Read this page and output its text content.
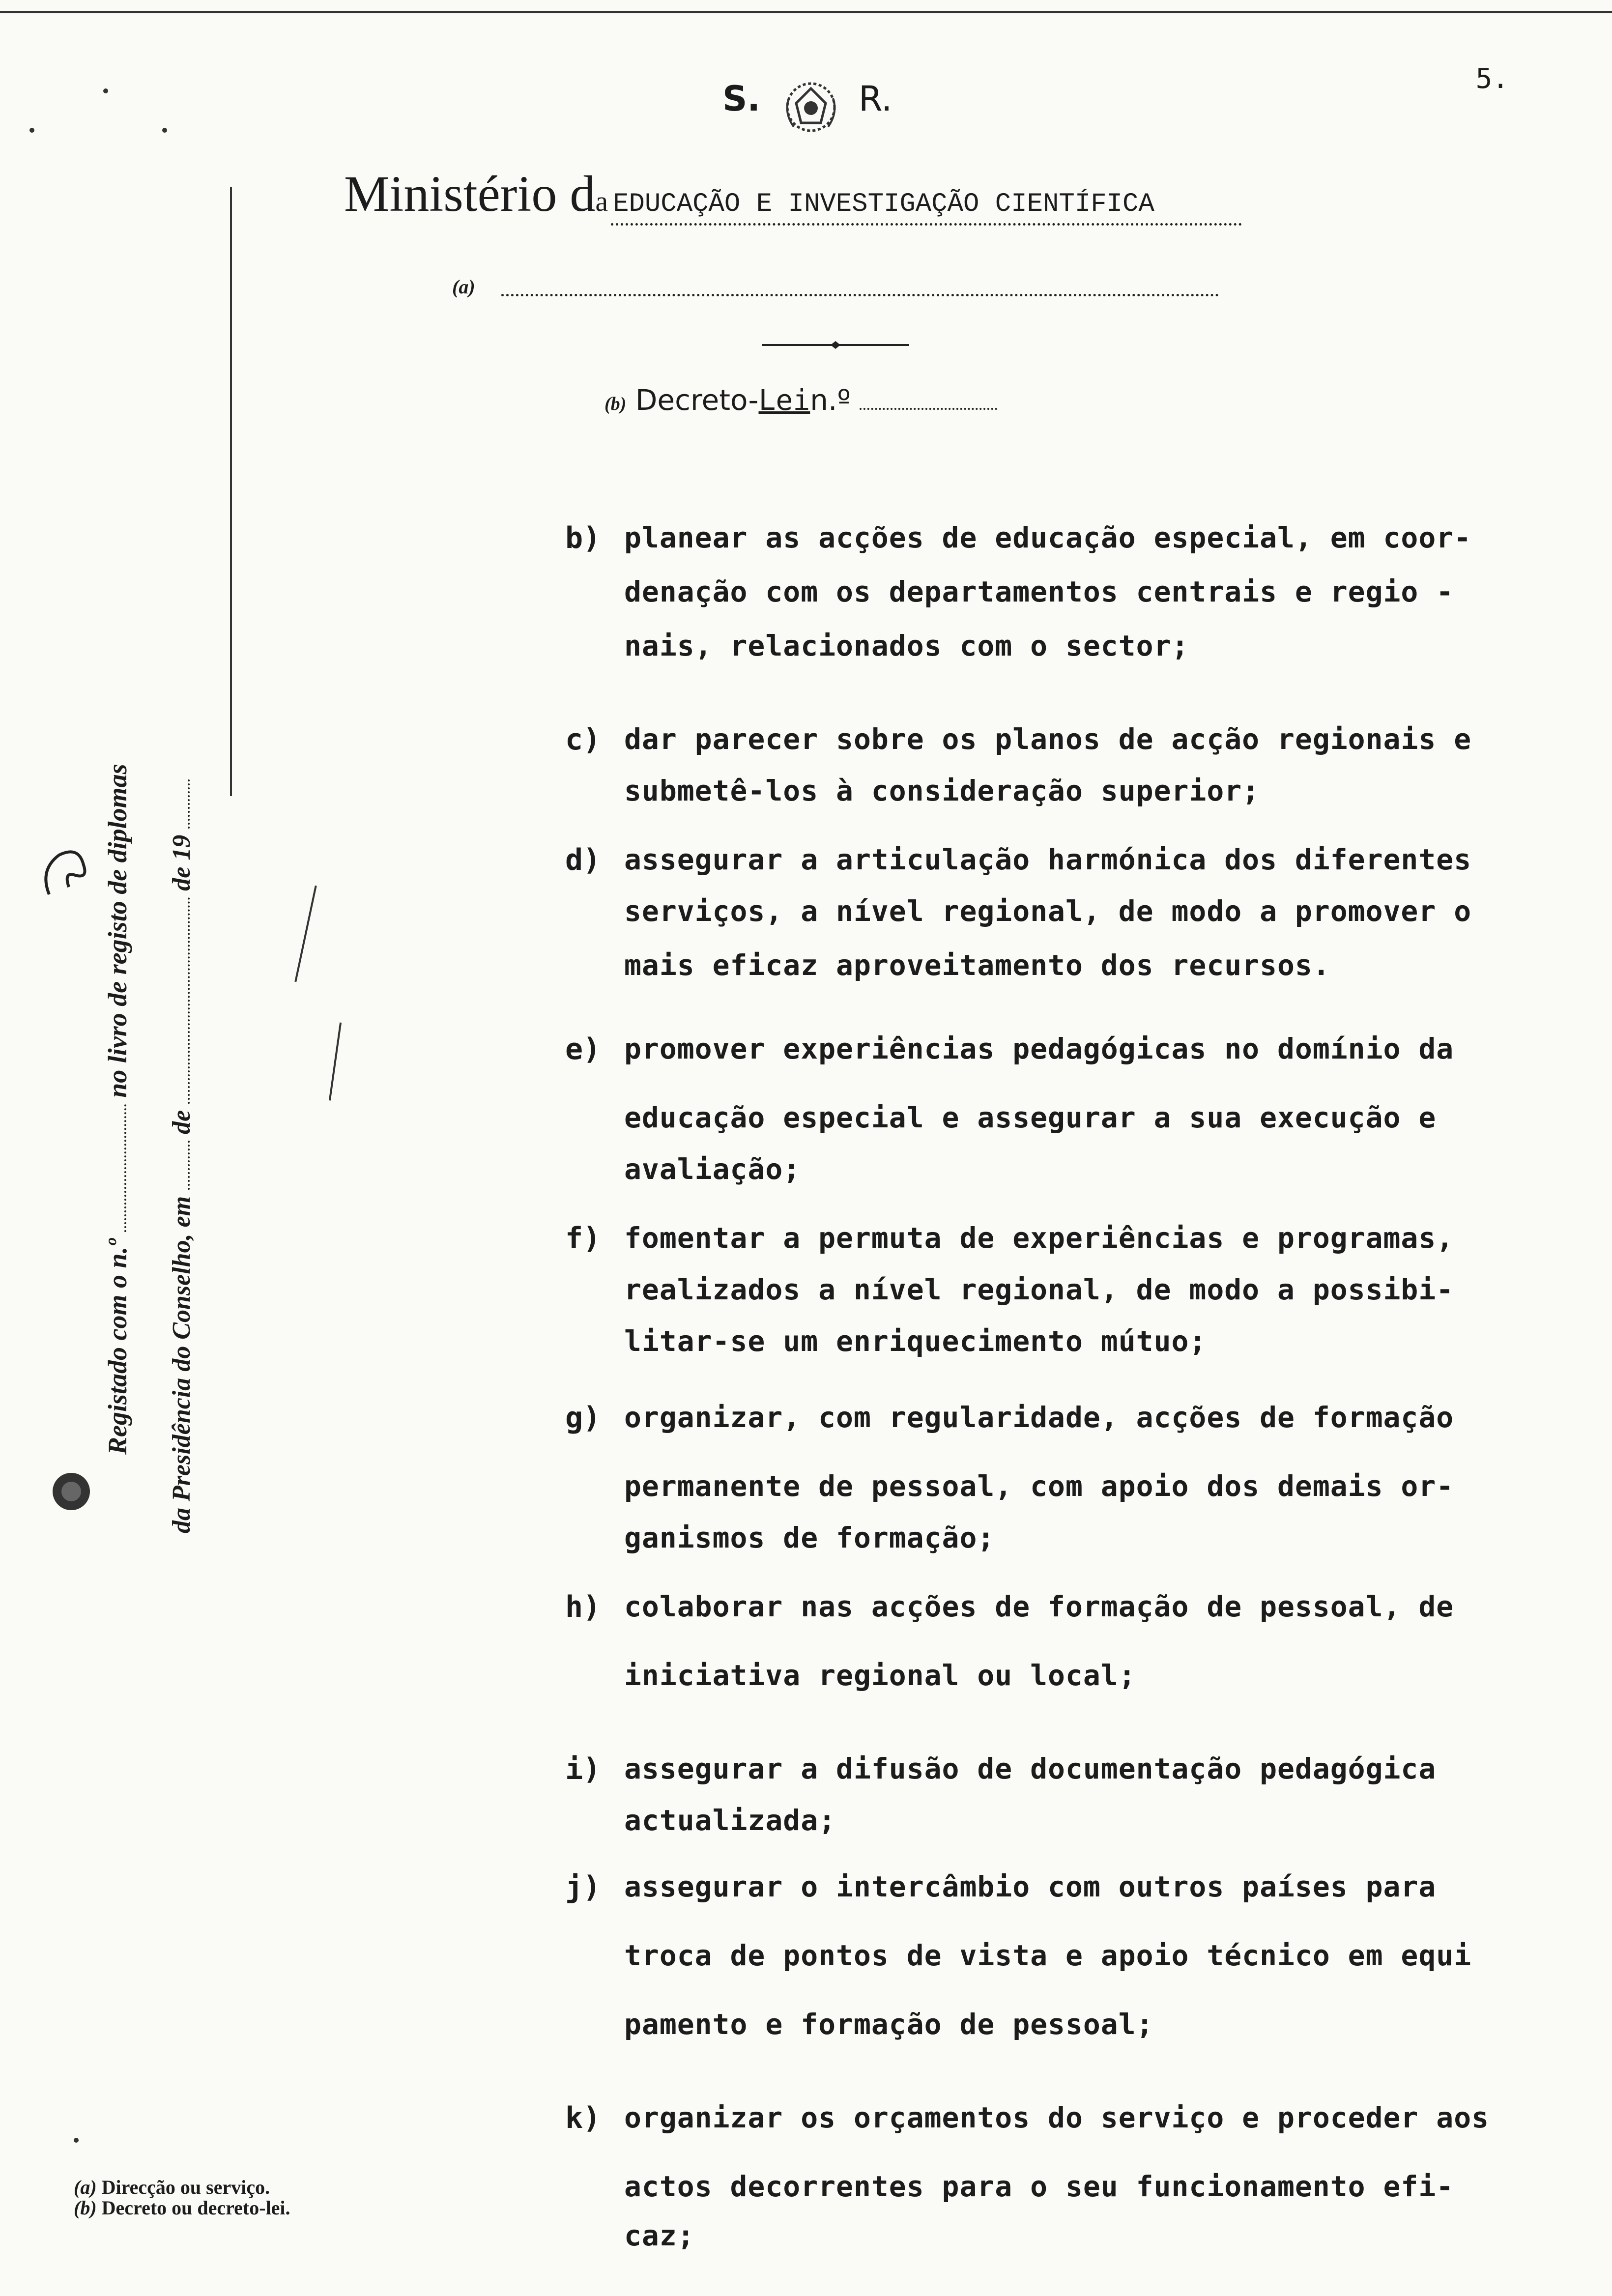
5.
S.	R.
Ministério da EDUCAÇÃO E INVESTIGAÇÃO CIENTÍFICA
(a)
(b) Decreto-Lein.º
Registado com o n.º  no livro de registo de diplomas
da Presidência do Conselho, em  de  de 19
b) planear as acções de educação especial, em coor-
denação com os departamentos centrais e regio -
nais, relacionados com o sector;
c) dar parecer sobre os planos de acção regionais e
submetê-los à consideração superior;
d) assegurar a articulação harmónica dos diferentes
serviços, a nível regional, de modo a promover o
mais eficaz aproveitamento dos recursos.
e) promover experiências pedagógicas no domínio da
educação especial e assegurar a sua execução e
avaliação;
f) fomentar a permuta de experiências e programas,
realizados a nível regional, de modo a possibi-
litar-se um enriquecimento mútuo;
g) organizar, com regularidade, acções de formação
permanente de pessoal, com apoio dos demais or-
ganismos de formação;
h) colaborar nas acções de formação de pessoal, de
iniciativa regional ou local;
i) assegurar a difusão de documentação pedagógica
actualizada;
j) assegurar o intercâmbio com outros países para
troca de pontos de vista e apoio técnico em equi
pamento e formação de pessoal;
k) organizar os orçamentos do serviço e proceder aos
actos decorrentes para o seu funcionamento efi-
caz;
(a) Direcção ou serviço.
(b) Decreto ou decreto-lei.
